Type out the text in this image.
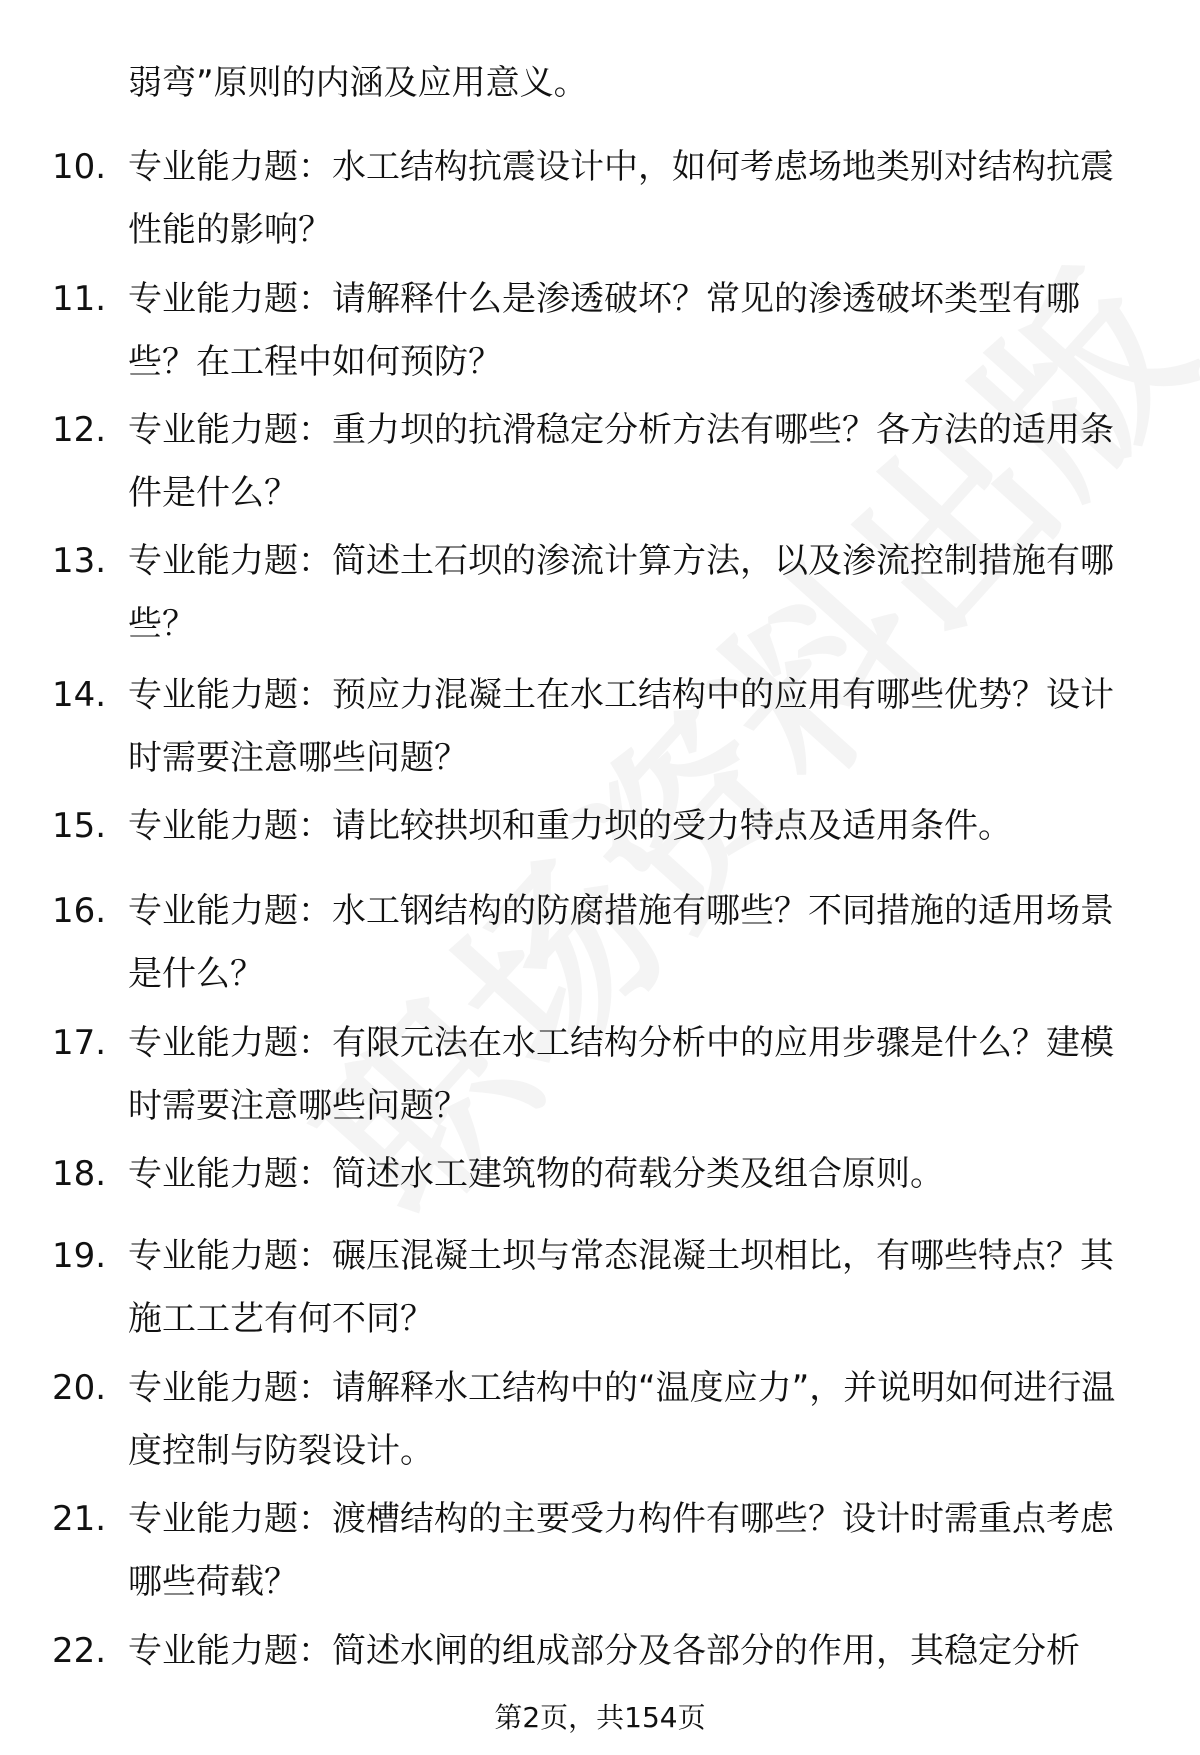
弱弯”原则的内涵及应用意义。
10. 专业能力题：水工结构抗震设计中，如何考虑场地类别对结构抗震性能的影响？
11. 专业能力题：请解释什么是渗透破坏？常见的渗透破坏类型有哪些？在工程中如何预防？
12. 专业能力题：重力坝的抗滑稳定分析方法有哪些？各方法的适用条件是什么？
13. 专业能力题：简述土石坝的渗流计算方法，以及渗流控制措施有哪些？
14. 专业能力题：预应力混凝土在水工结构中的应用有哪些优势？设计时需要注意哪些问题？
15. 专业能力题：请比较拱坝和重力坝的受力特点及适用条件。
16. 专业能力题：水工钢结构的防腐措施有哪些？不同措施的适用场景是什么？
17. 专业能力题：有限元法在水工结构分析中的应用步骤是什么？建模时需要注意哪些问题？
18. 专业能力题：简述水工建筑物的荷载分类及组合原则。
19. 专业能力题：碾压混凝土坝与常态混凝土坝相比，有哪些特点？其施工工艺有何不同？
20. 专业能力题：请解释水工结构中的“温度应力”，并说明如何进行温度控制与防裂设计。
21. 专业能力题：渡槽结构的主要受力构件有哪些？设计时需重点考虑哪些荷载？
22. 专业能力题：简述水闸的组成部分及各部分的作用，其稳定分析
第2页，共154页
